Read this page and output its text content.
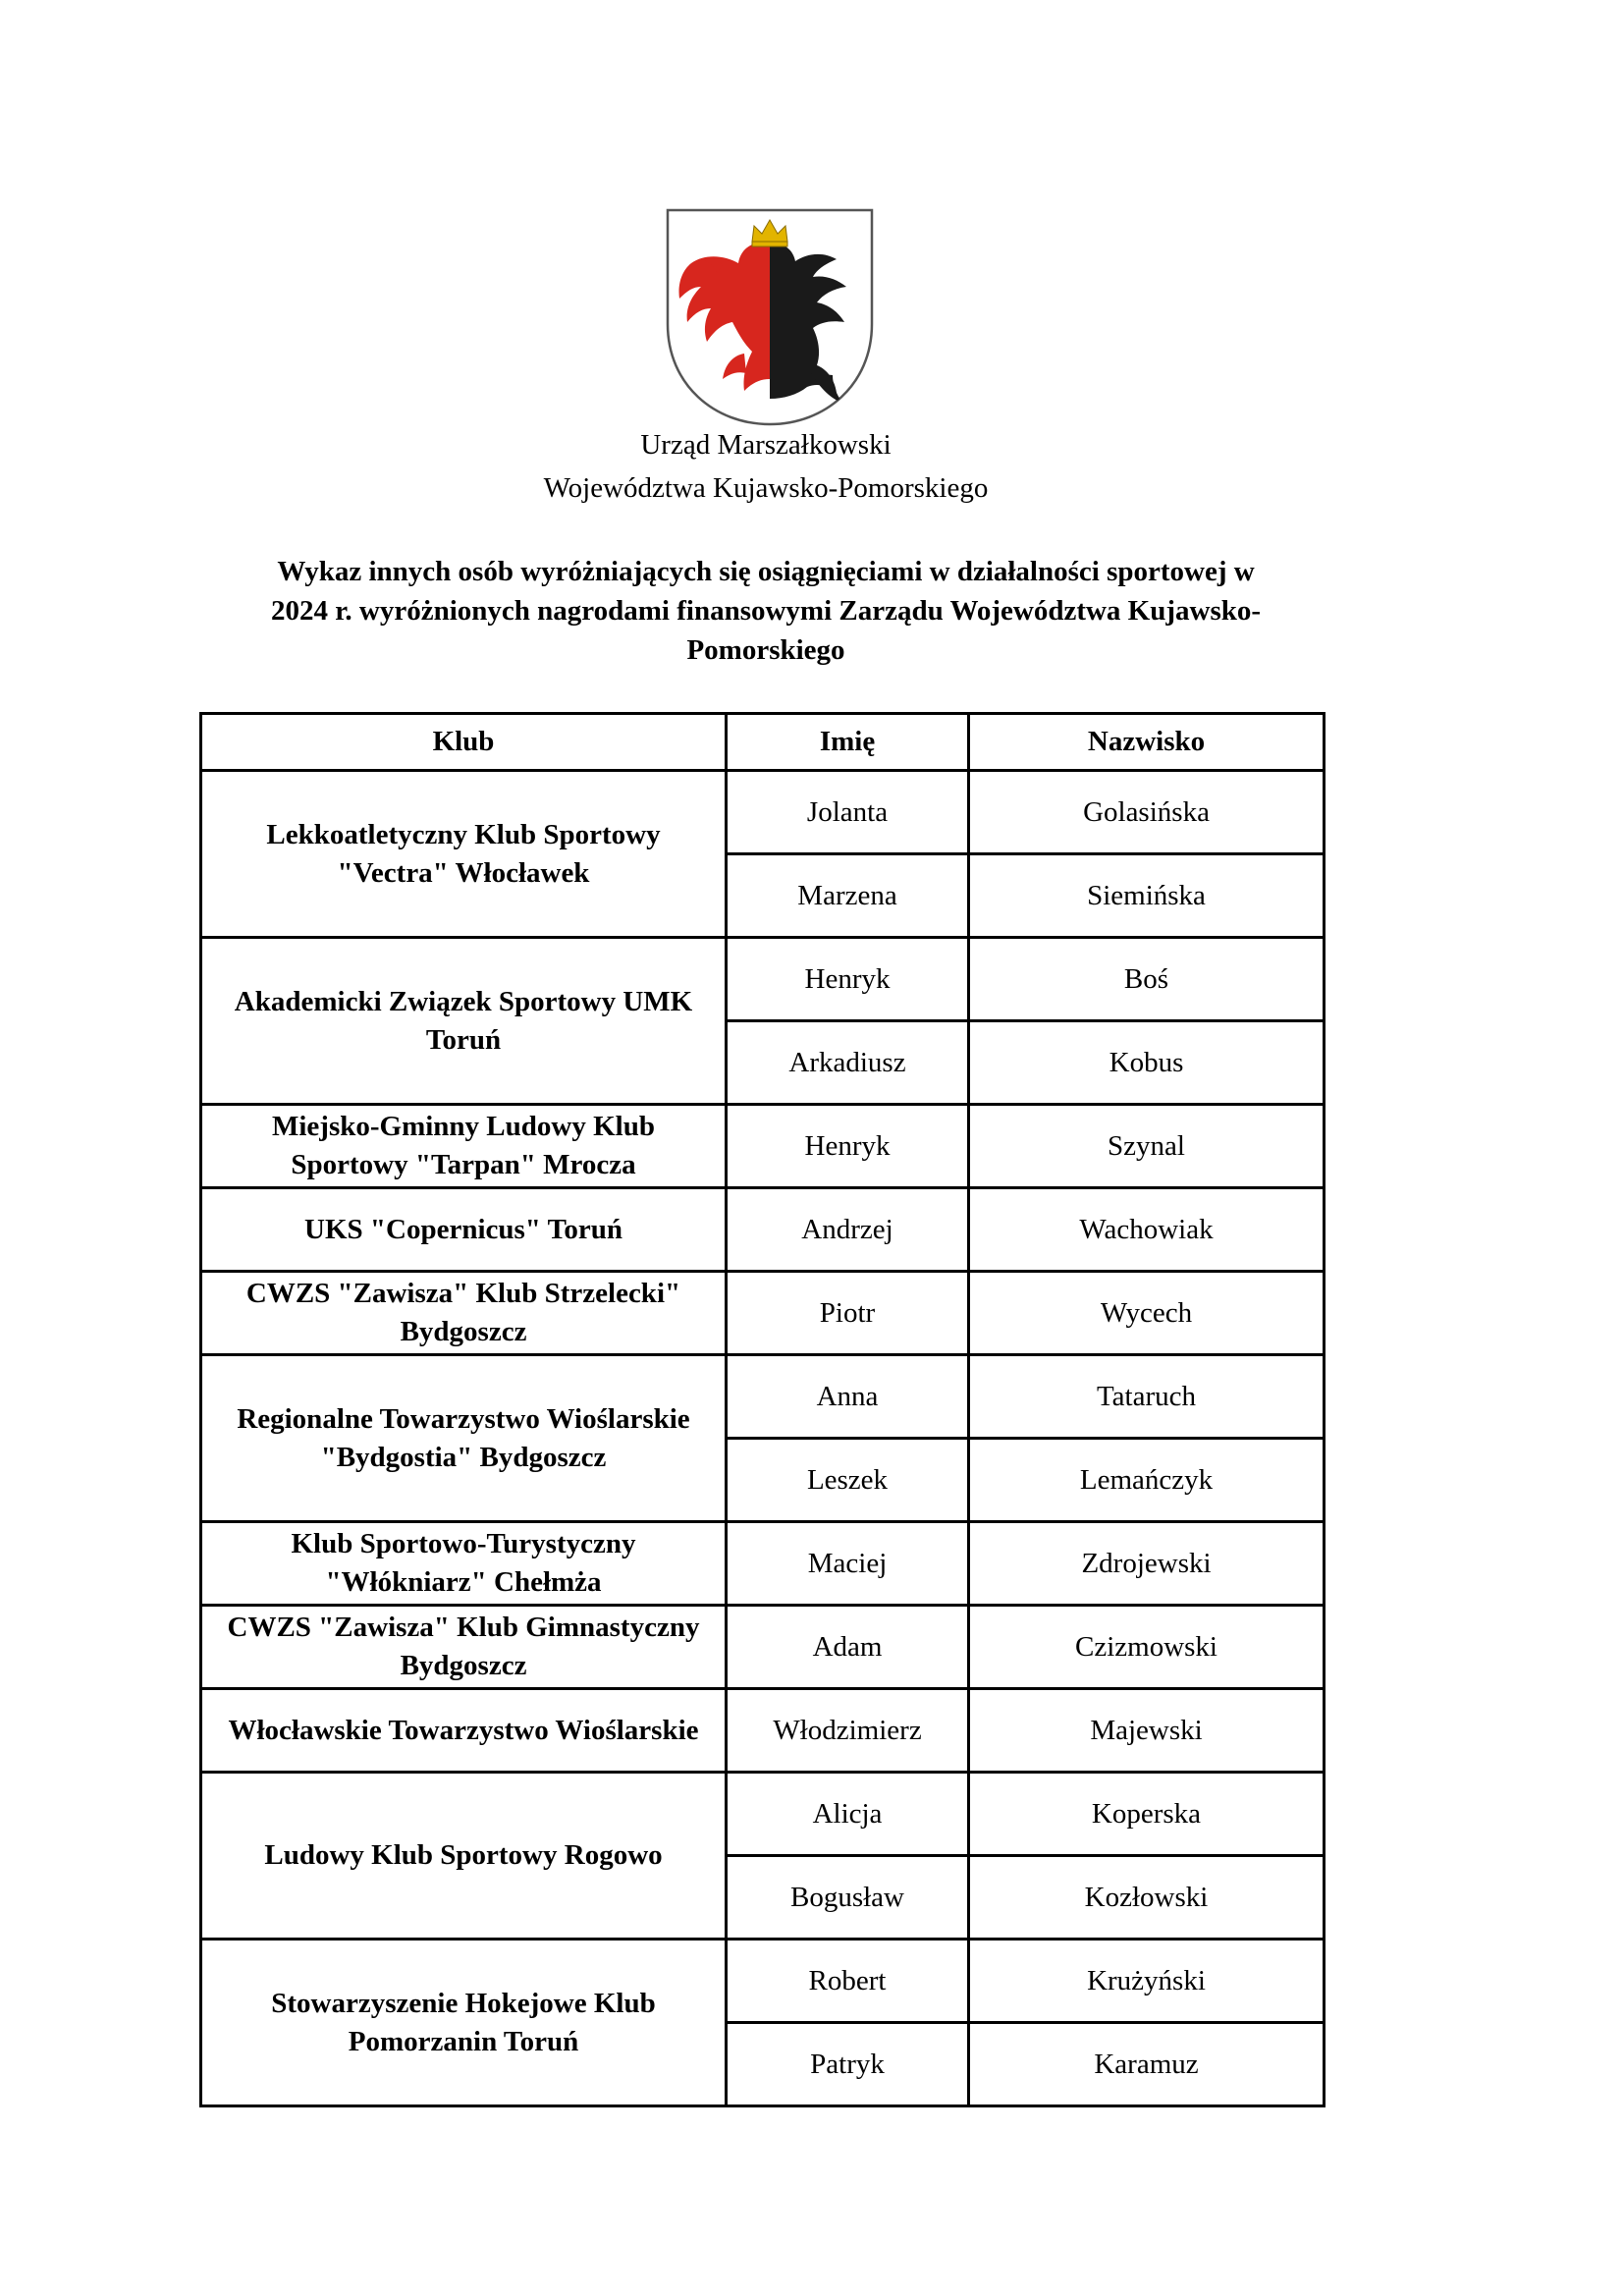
Urząd Marszałkowski
Województwa Kujawsko-Pomorskiego
Wykaz innych osób wyróżniających się osiągnięciami w działalności sportowej w
2024 r. wyróżnionych nagrodami finansowymi Zarządu Województwa Kujawsko-
Pomorskiego
Klub	Imię	Nazwisko

Lekkoatletyczny Klub Sportowy
"Vectra" Włocławek	Jolanta	Golasińska
	Marzena	Siemińska

Akademicki Związek Sportowy UMK
Toruń	Henryk	Boś
	Arkadiusz	Kobus

Miejsko-Gminny Ludowy Klub
Sportowy "Tarpan" Mrocza	Henryk	Szynal
UKS "Copernicus" Toruń	Andrzej	Wachowiak

CWZS "Zawisza" Klub Strzelecki"
Bydgoszcz	Piotr	Wycech

Regionalne Towarzystwo Wioślarskie
"Bydgostia" Bydgoszcz	Anna	Tataruch
	Leszek	Lemańczyk

Klub Sportowo-Turystyczny
"Włókniarz" Chełmża	Maciej	Zdrojewski

CWZS "Zawisza" Klub Gimnastyczny
Bydgoszcz	Adam	Czizmowski
Włocławskie Towarzystwo Wioślarskie	Włodzimierz	Majewski
Ludowy Klub Sportowy Rogowo	Alicja	Koperska
	Bogusław	Kozłowski

Stowarzyszenie Hokejowe Klub
Pomorzanin Toruń	Robert	Krużyński
	Patryk	Karamuz
